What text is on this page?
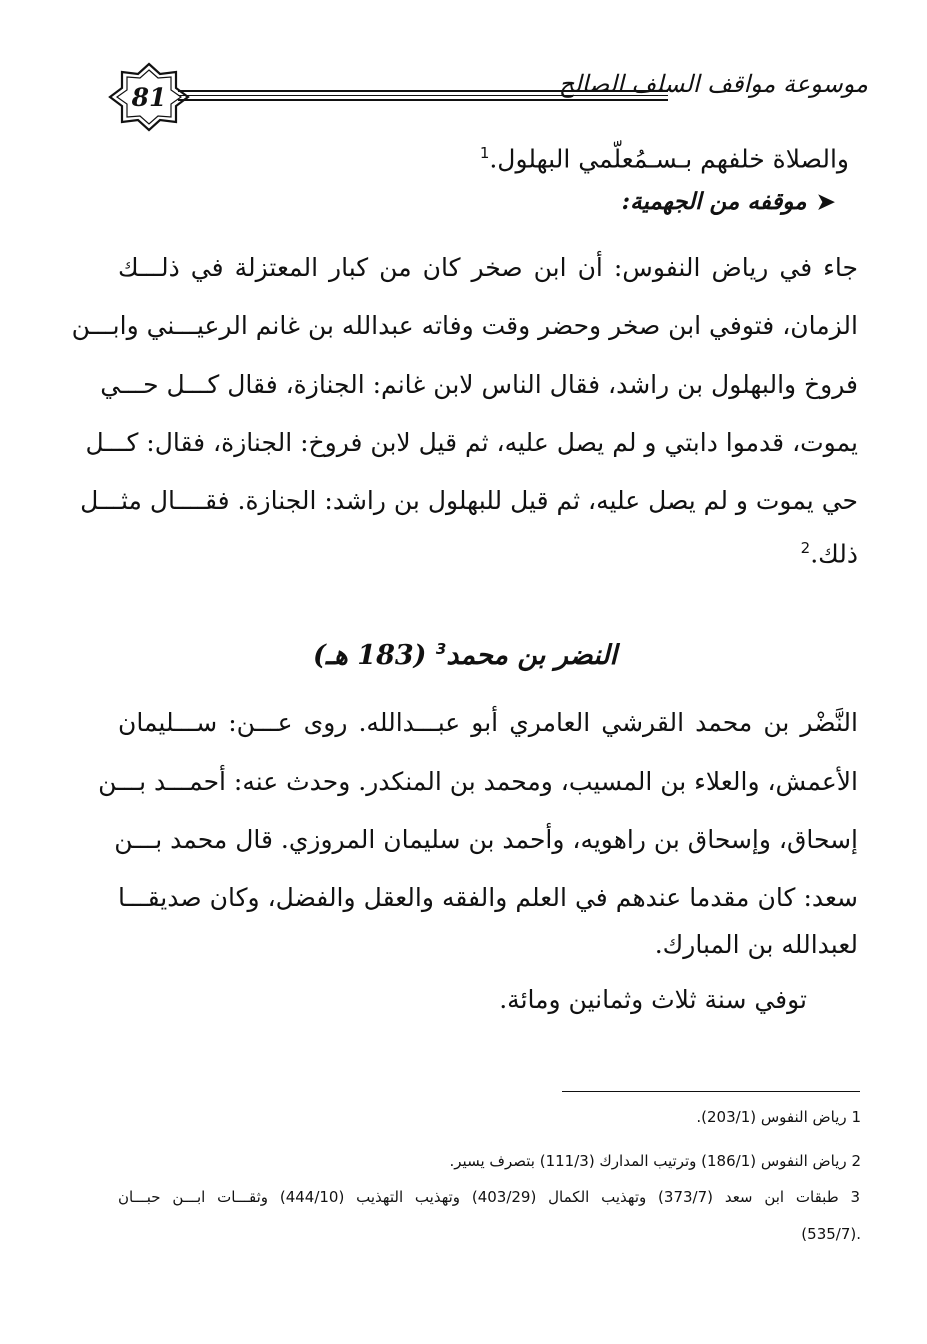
81	موسوعة مواقف السلف الصالح
والصلاة خلفهم بـسـمُعلّمي البهلول.$^1$
➤موقفه من الجهمية:
جاء في رياض النفوس: أن ابن صخر كان من كبار المعتزلة في ذلـــك
الزمان، فتوفي ابن صخر وحضر وقت وفاته عبدالله بن غانم الرعيـــني وابـــن
فروخ والبهلول بن راشد، فقال الناس لابن غانم: الجنازة، فقال كـــل حـــي
يموت، قدموا دابتي و لم يصل عليه، ثم قيل لابن فروخ: الجنازة، فقال: كـــل
حي يموت و لم يصل عليه، ثم قيل للبهلول بن راشد: الجنازة. فقــــال مثـــل
ذلك.$^2$
النضر بن محمد$^3$ (183 هـ)
النَّضْر بن محمد القرشي العامري أبو عبـــدالله. روى عـــن: ســـليمان
الأعمش، والعلاء بن المسيب، ومحمد بن المنكدر. وحدث عنه: أحمـــد بـــن
إسحاق، وإسحاق بن راهويه، وأحمد بن سليمان المروزي. قال محمد بـــن
سعد: كان مقدما عندهم في العلم والفقه والعقل والفضل، وكان صديقـــا
لعبدالله بن المبارك.
توفي سنة ثلاث وثمانين ومائة.
1 رياض النفوس (203/1).
2 رياض النفوس (186/1) وترتيب المدارك (111/3) بتصرف يسير.
3 طبقات ابن سعد (373/7) وتهذيب الكمال (403/29) وتهذيب التهذيب (444/10) وثقـــات ابـــن حبـــان
(535/7).
